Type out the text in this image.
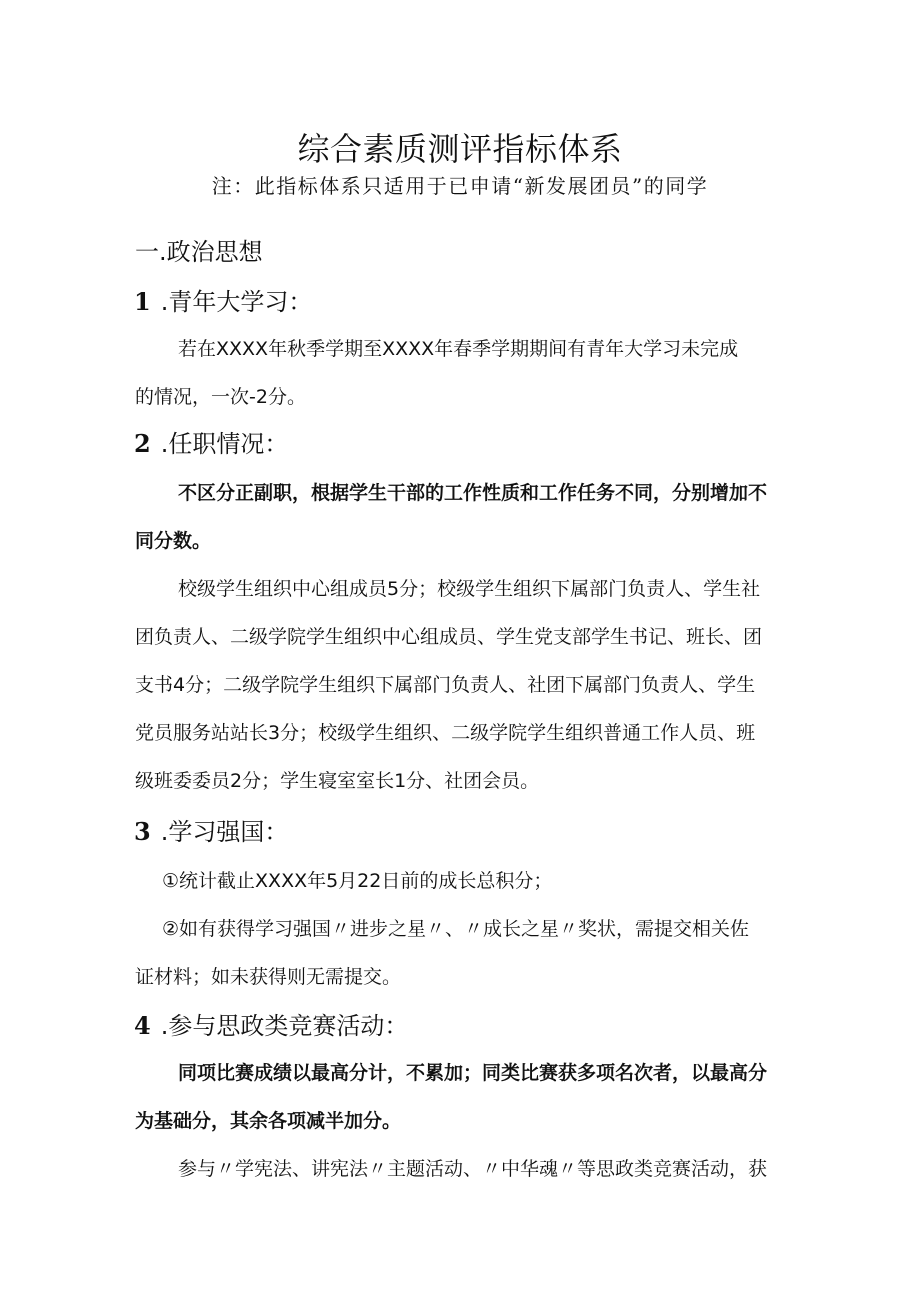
综合素质测评指标体系
注：此指标体系只适用于已申请“新发展团员”的同学
一.政治思想
1 .青年大学习：
若在XXXX年秋季学期至XXXX年春季学期期间有青年大学习未完成
的情况，一次-2分。
2 .任职情况：
不区分正副职，根据学生干部的工作性质和工作任务不同，分别增加不
同分数。
校级学生组织中心组成员5分；校级学生组织下属部门负责人、学生社
团负责人、二级学院学生组织中心组成员、学生党支部学生书记、班长、团
支书4分；二级学院学生组织下属部门负责人、社团下属部门负责人、学生
党员服务站站长3分；校级学生组织、二级学院学生组织普通工作人员、班
级班委委员2分；学生寝室室长1分、社团会员。
3 .学习强国：
①统计截止XXXX年5月22日前的成长总积分；
②如有获得学习强国〃进步之星〃、〃成长之星〃奖状，需提交相关佐
证材料；如未获得则无需提交。
4 .参与思政类竞赛活动：
同项比赛成绩以最高分计，不累加；同类比赛获多项名次者，以最高分
为基础分，其余各项减半加分。
参与〃学宪法、讲宪法〃主题活动、〃中华魂〃等思政类竞赛活动，获
